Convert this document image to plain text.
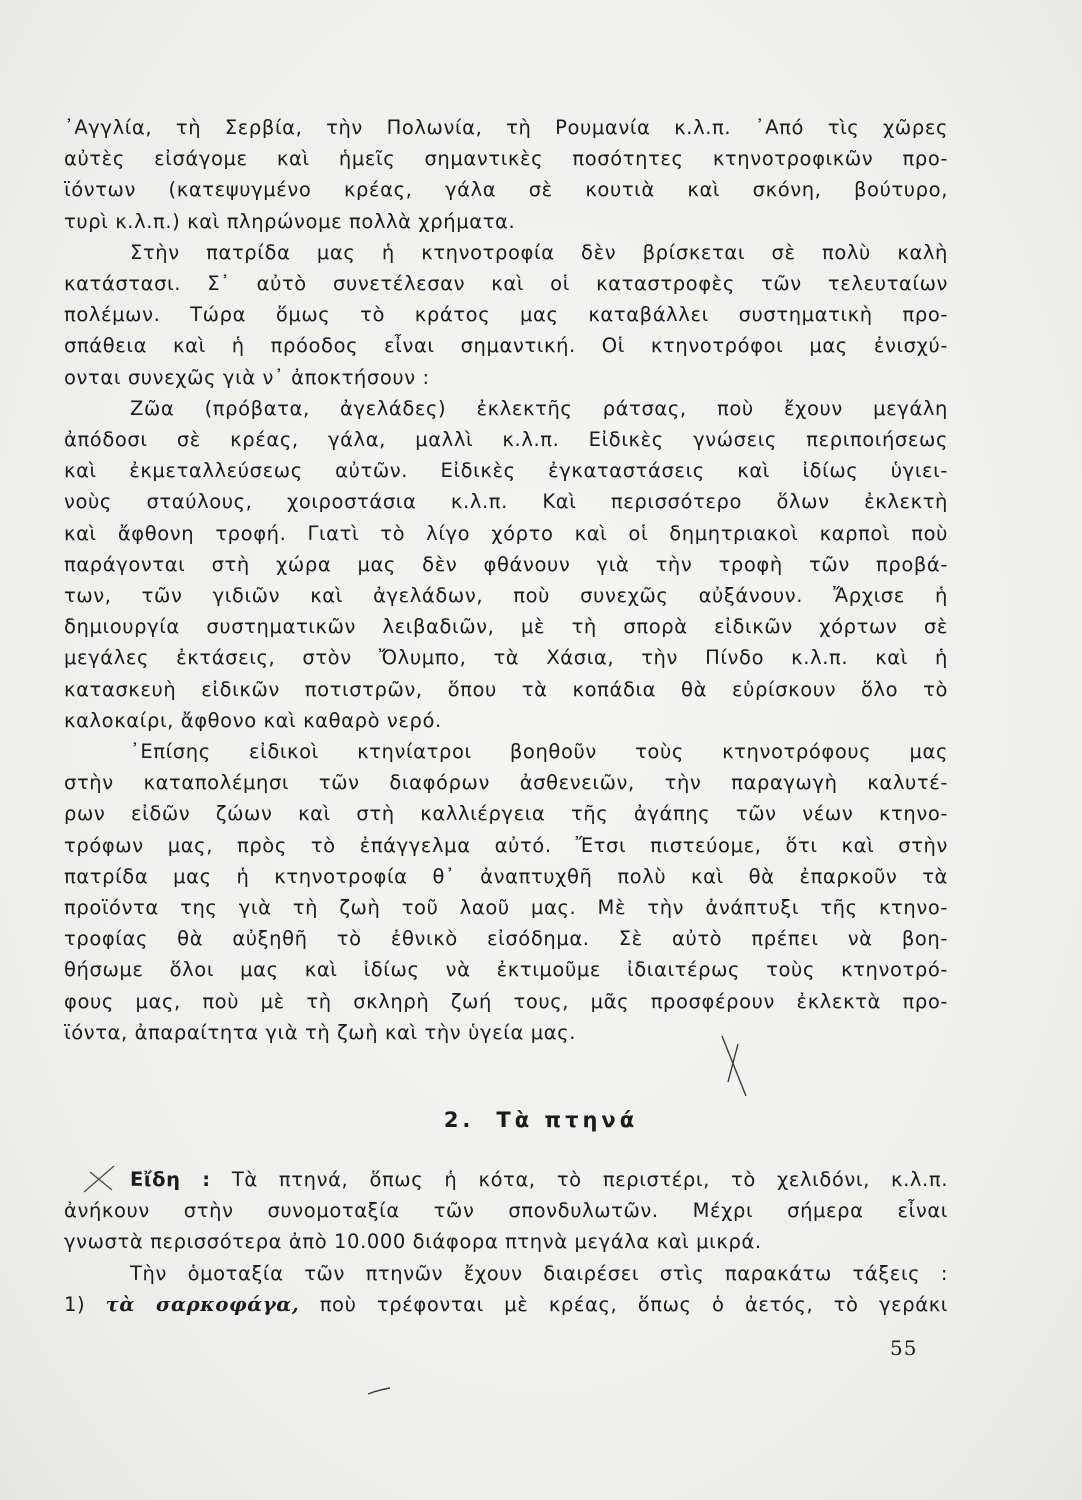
᾿Αγγλία, τὴ Σερβία, τὴν Πολωνία, τὴ Ρουμανία κ.λ.π. ᾿Από τὶς χῶρες
αὐτὲς εἰσάγομε καὶ ἡμεῖς σημαντικὲς ποσότητες κτηνοτροφικῶν προ-
ϊόντων (κατεψυγμένο κρέας, γάλα σὲ κουτιὰ καὶ σκόνη, βούτυρο,
τυρὶ κ.λ.π.) καὶ πληρώνομε πολλὰ χρήματα.
Στὴν πατρίδα μας ἡ κτηνοτροφία δὲν βρίσκεται σὲ πολὺ καλὴ
κατάστασι. Σ᾿ αὐτὸ συνετέλεσαν καὶ οἱ καταστροφὲς τῶν τελευταίων
πολέμων. Τώρα ὅμως τὸ κράτος μας καταβάλλει συστηματικὴ προ-
σπάθεια καὶ ἡ πρόοδος εἶναι σημαντική. Οἱ κτηνοτρόφοι μας ἐνισχύ-
ονται συνεχῶς γιὰ ν᾿ ἀποκτήσουν :
Ζῶα (πρόβατα, ἀγελάδες) ἐκλεκτῆς ράτσας, ποὺ ἔχουν μεγάλη
ἀπόδοσι σὲ κρέας, γάλα, μαλλὶ κ.λ.π. Εἰδικὲς γνώσεις περιποιήσεως
καὶ ἐκμεταλλεύσεως αὐτῶν. Εἰδικὲς ἐγκαταστάσεις καὶ ἰδίως ὑγιει-
νοὺς σταύλους, χοιροστάσια κ.λ.π. Καὶ περισσότερο ὅλων ἐκλεκτὴ
καὶ ἄφθονη τροφή. Γιατὶ τὸ λίγο χόρτο καὶ οἱ δημητριακοὶ καρποὶ ποὺ
παράγονται στὴ χώρα μας δὲν φθάνουν γιὰ τὴν τροφὴ τῶν προβά-
των, τῶν γιδιῶν καὶ ἀγελάδων, ποὺ συνεχῶς αὐξάνουν. Ἄρχισε ἡ
δημιουργία συστηματικῶν λειβαδιῶν, μὲ τὴ σπορὰ εἰδικῶν χόρτων σὲ
μεγάλες ἐκτάσεις, στὸν Ὄλυμπο, τὰ Χάσια, τὴν Πίνδο κ.λ.π. καὶ ἡ
κατασκευὴ εἰδικῶν ποτιστρῶν, ὅπου τὰ κοπάδια θὰ εὑρίσκουν ὅλο τὸ
καλοκαίρι, ἄφθονο καὶ καθαρὸ νερό.
᾿Επίσης εἰδικοὶ κτηνίατροι βοηθοῦν τοὺς κτηνοτρόφους μας
στὴν καταπολέμησι τῶν διαφόρων ἀσθενειῶν, τὴν παραγωγὴ καλυτέ-
ρων εἰδῶν ζώων καὶ στὴ καλλιέργεια τῆς ἀγάπης τῶν νέων κτηνο-
τρόφων μας, πρὸς τὸ ἐπάγγελμα αὐτό. Ἔτσι πιστεύομε, ὅτι καὶ στὴν
πατρίδα μας ἡ κτηνοτροφία θ᾿ ἀναπτυχθῆ πολὺ καὶ θὰ ἐπαρκοῦν τὰ
προϊόντα της γιὰ τὴ ζωὴ τοῦ λαοῦ μας. Μὲ τὴν ἀνάπτυξι τῆς κτηνο-
τροφίας θὰ αὐξηθῆ τὸ ἐθνικὸ εἰσόδημα. Σὲ αὐτὸ πρέπει νὰ βοη-
θήσωμε ὅλοι μας καὶ ἰδίως νὰ ἐκτιμοῦμε ἰδιαιτέρως τοὺς κτηνοτρό-
φους μας, ποὺ μὲ τὴ σκληρὴ ζωή τους, μᾶς προσφέρουν ἐκλεκτὰ προ-
ϊόντα, ἀπαραίτητα γιὰ τὴ ζωὴ καὶ τὴν ὑγεία μας.
2. Τὰ πτηνά
Εἴδη : Τὰ πτηνά, ὅπως ἡ κότα, τὸ περιστέρι, τὸ χελιδόνι, κ.λ.π.
ἀνήκουν στὴν συνομοταξία τῶν σπονδυλωτῶν. Μέχρι σήμερα εἶναι
γνωστὰ περισσότερα ἀπὸ 10.000 διάφορα πτηνὰ μεγάλα καὶ μικρά.
Τὴν ὁμοταξία τῶν πτηνῶν ἔχουν διαιρέσει στὶς παρακάτω τάξεις :
1) τὰ σαρκοφάγα, ποὺ τρέφονται μὲ κρέας, ὅπως ὁ ἀετός, τὸ γεράκι
55
